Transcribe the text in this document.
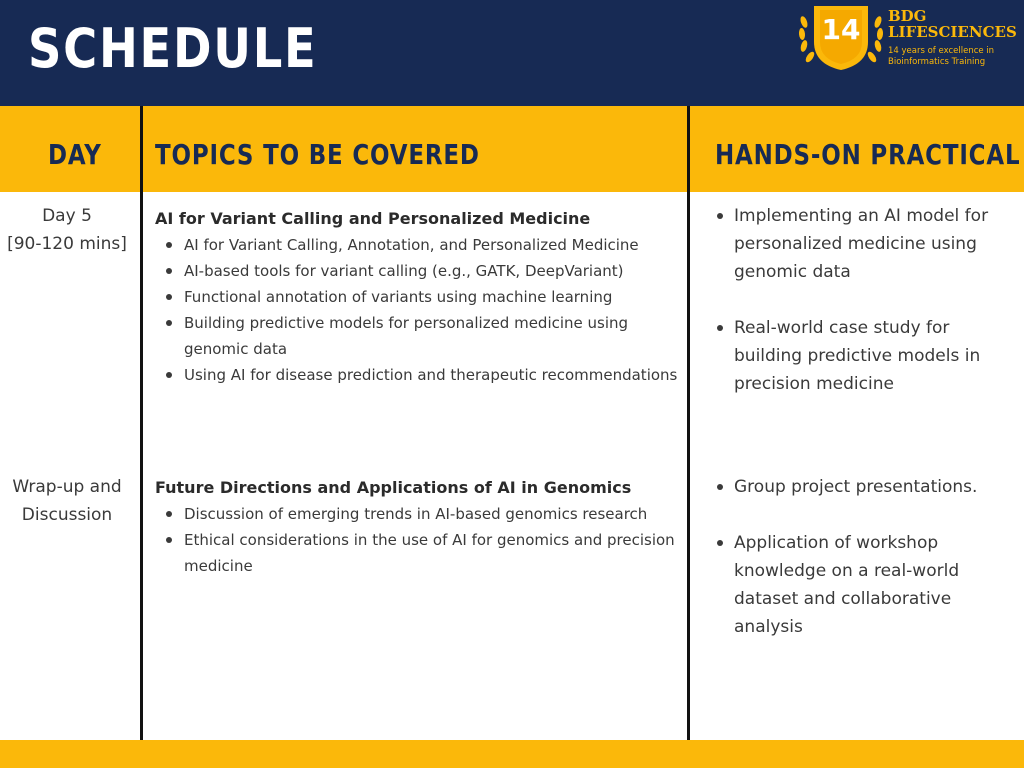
SCHEDULE	14 BDG
LIFESCIENCES
14 years of excellence in
Bioinformatics Training
DAY TOPICS TO BE COVERED	HANDS-ON PRACTICAL
Day 5
[90-120 mins]
AI for Variant Calling and Personalized Medicine
AI for Variant Calling, Annotation, and Personalized Medicine
AI-based tools for variant calling (e.g., GATK, DeepVariant)
Functional annotation of variants using machine learning
Building predictive models for personalized medicine using genomic data
Using AI for disease prediction and therapeutic recommendations
Implementing an AI model for personalized medicine using genomic data
Real-world case study for building predictive models in precision medicine
Wrap-up and
Discussion
Future Directions and Applications of AI in Genomics
Discussion of emerging trends in AI-based genomics research
Ethical considerations in the use of AI for genomics and precision medicine
Group project presentations.
Application of workshop knowledge on a real-world dataset and collaborative analysis
